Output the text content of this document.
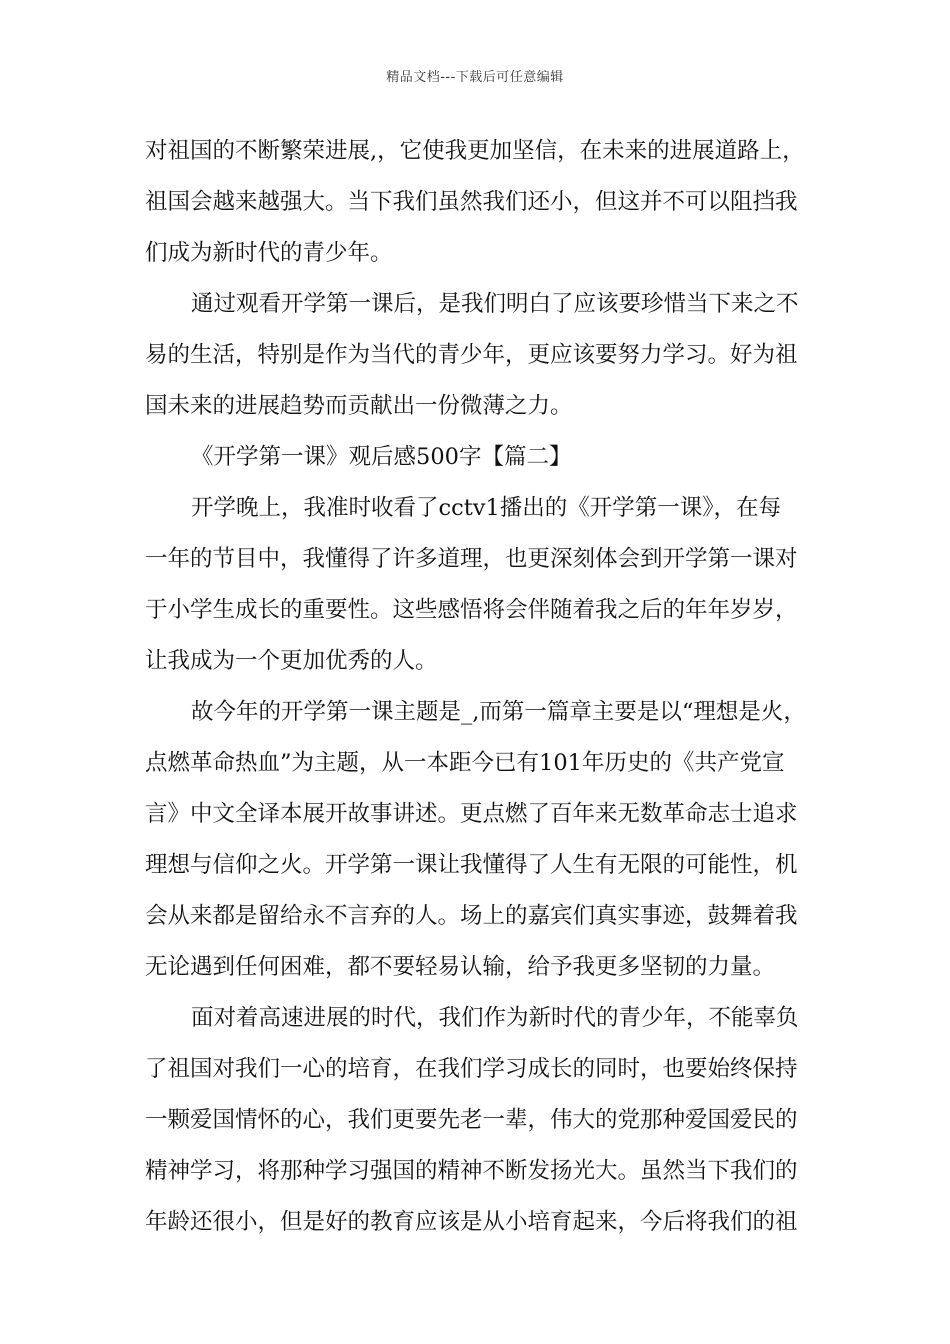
精品文档---下载后可任意编辑
对祖国的不断繁荣进展,，它使我更加坚信，在未来的进展道路上，
祖国会越来越强大。当下我们虽然我们还小，但这并不可以阻挡我
们成为新时代的青少年。
通过观看开学第一课后，是我们明白了应该要珍惜当下来之不
易的生活，特别是作为当代的青少年，更应该要努力学习。好为祖
国未来的进展趋势而贡献出一份微薄之力。
《开学第一课》观后感500字【篇二】
开学晚上，我准时收看了cctv1播出的《开学第一课》，在每
一年的节目中，我懂得了许多道理，也更深刻体会到开学第一课对
于小学生成长的重要性。这些感悟将会伴随着我之后的年年岁岁，
让我成为一个更加优秀的人。
故今年的开学第一课主题是_,而第一篇章主要是以“理想是火，
点燃革命热血”为主题，从一本距今已有101年历史的《共产党宣
言》中文全译本展开故事讲述。更点燃了百年来无数革命志士追求
理想与信仰之火。开学第一课让我懂得了人生有无限的可能性，机
会从来都是留给永不言弃的人。场上的嘉宾们真实事迹，鼓舞着我
无论遇到任何困难，都不要轻易认输，给予我更多坚韧的力量。
面对着高速进展的时代，我们作为新时代的青少年，不能辜负
了祖国对我们一心的培育，在我们学习成长的同时，也要始终保持
一颗爱国情怀的心，我们更要先老一辈，伟大的党那种爱国爱民的
精神学习，将那种学习强国的精神不断发扬光大。虽然当下我们的
年龄还很小，但是好的教育应该是从小培育起来，今后将我们的祖
